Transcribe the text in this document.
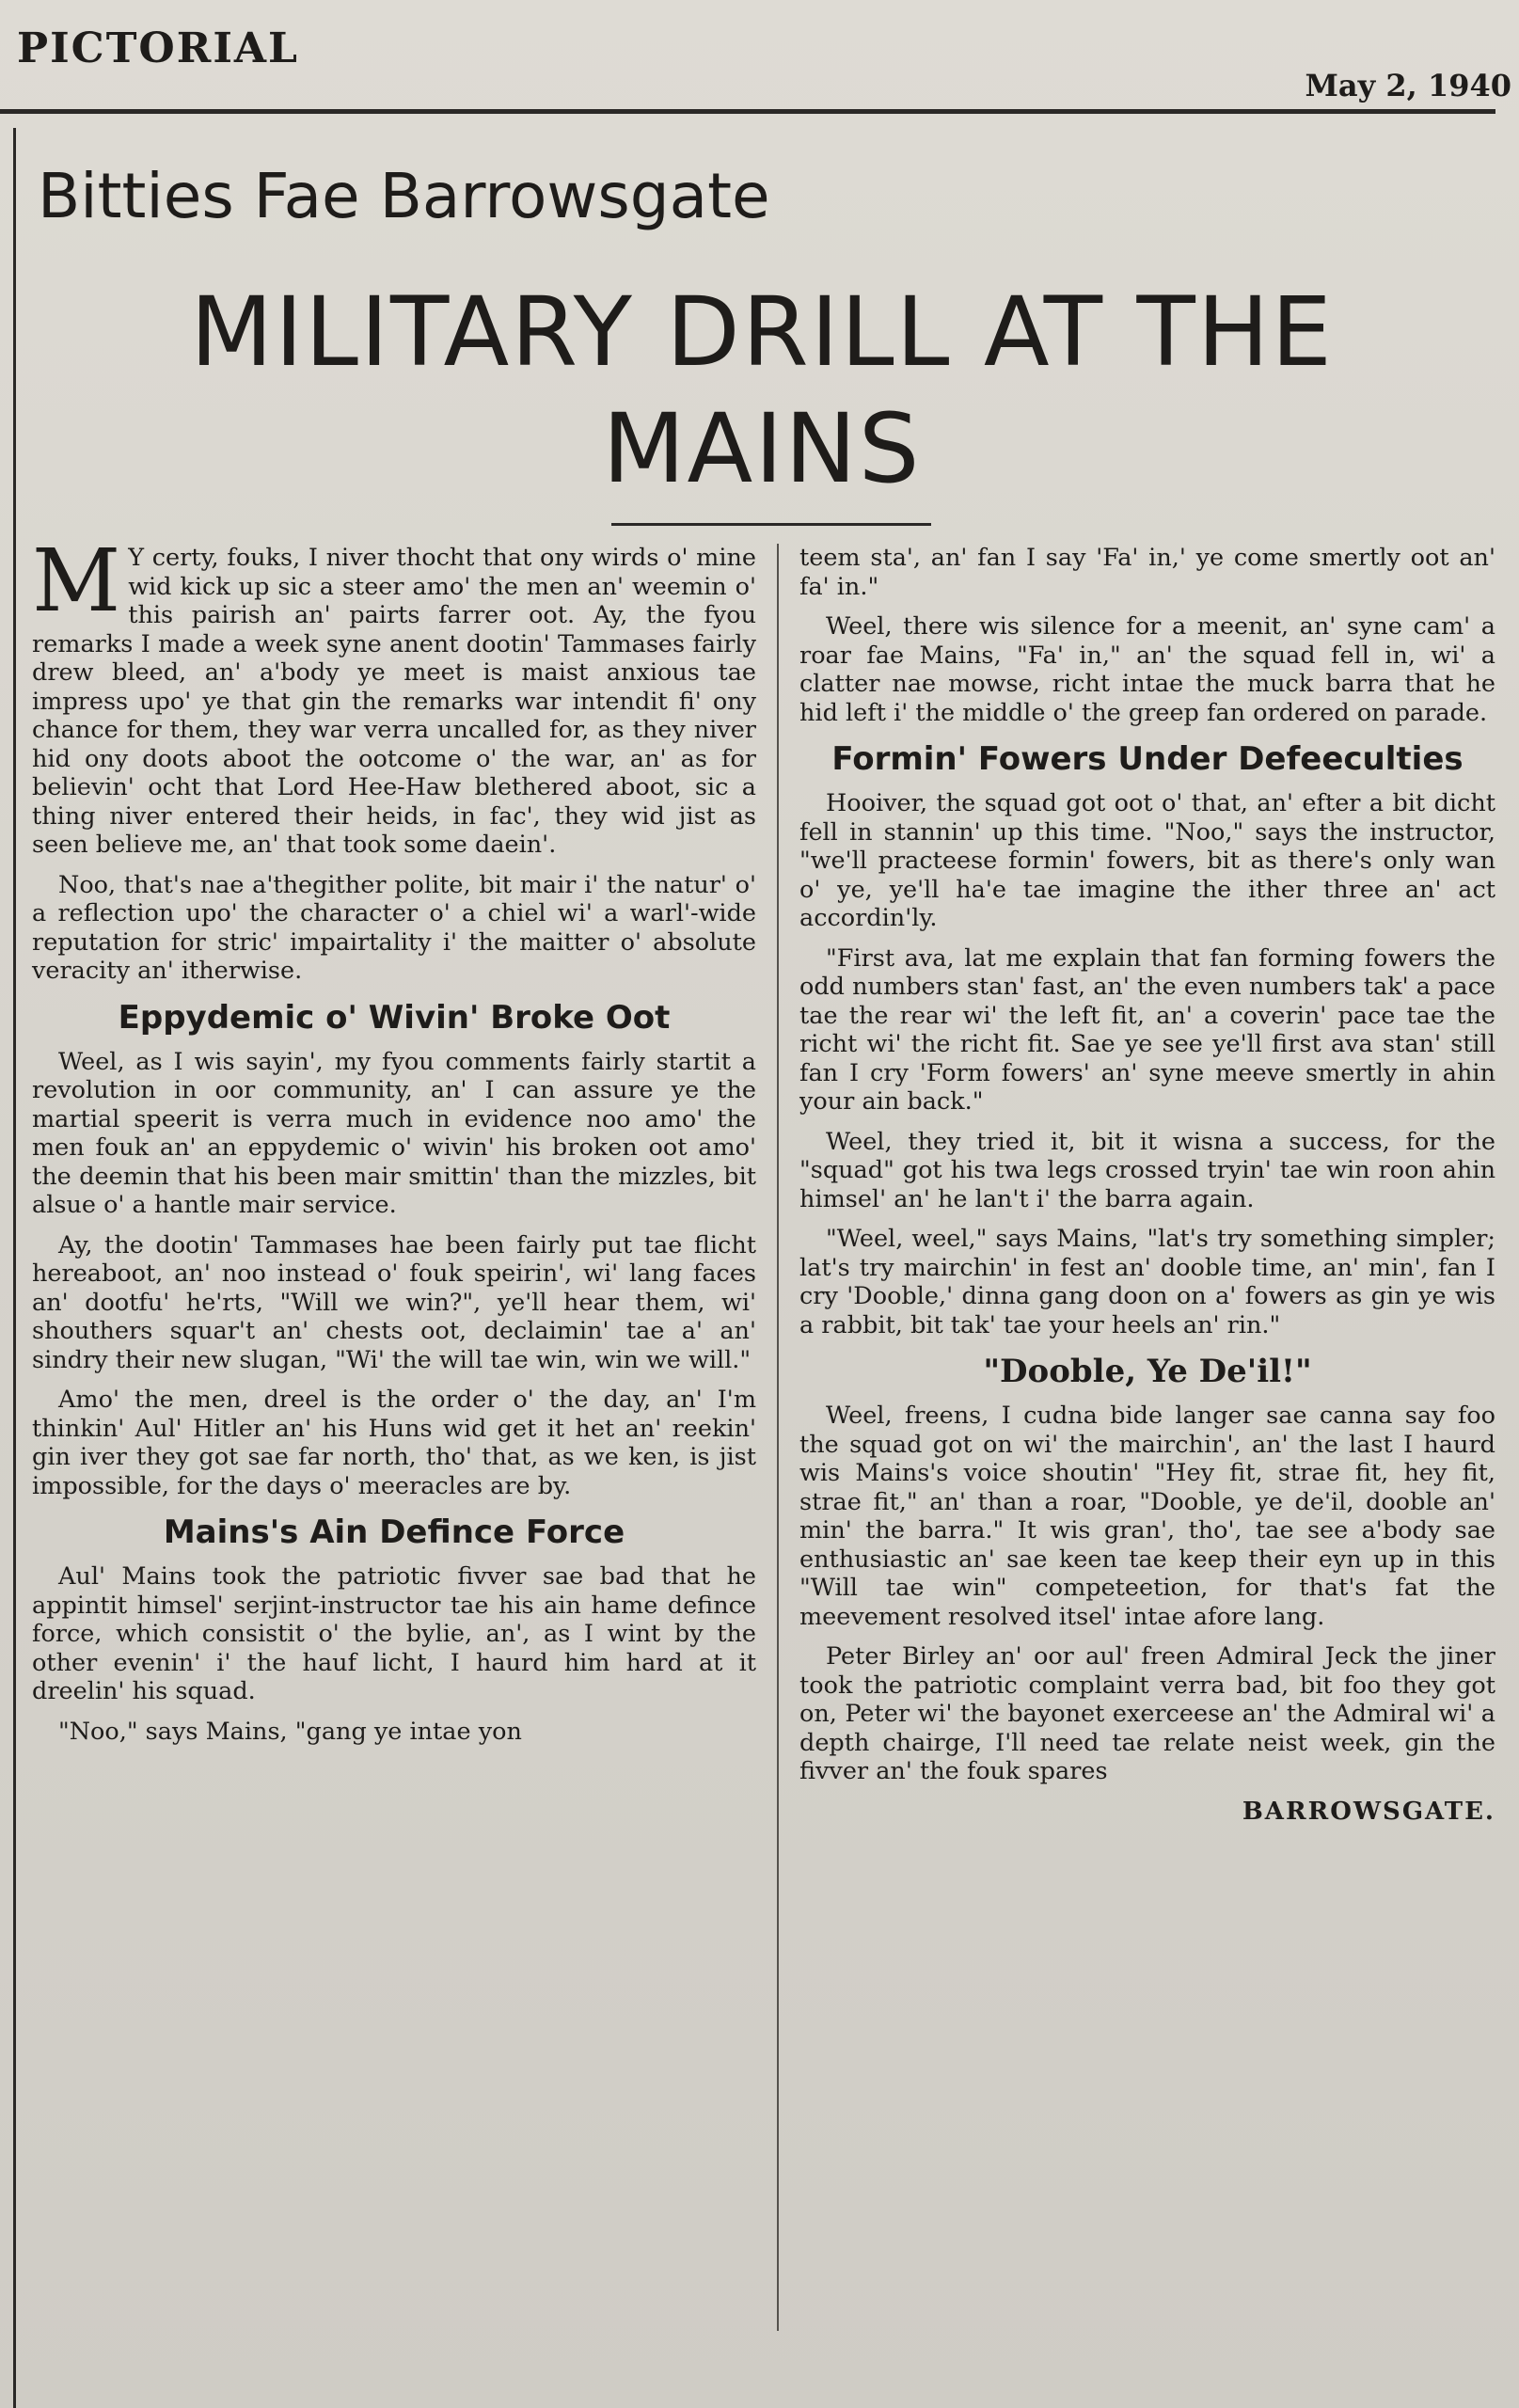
PICTORIAL
May 2, 1940
Bitties Fae Barrowsgate
MILITARY DRILL AT THE MAINS

M Y certy, fouks, I niver thocht that ony wirds o' mine wid kick up sic a steer amo' the men an' weemin o' this pairish an' pairts farrer oot. Ay, the fyou remarks I made a week syne anent dootin' Tammases fairly drew bleed, an' a'body ye meet is maist anxious tae impress upo' ye that gin the remarks war intendit fi' ony chance for them, they war verra uncalled for, as they niver hid ony doots aboot the ootcome o' the war, an' as for believin' ocht that Lord Hee-Haw blethered aboot, sic a thing niver entered their heids, in fac', they wid jist as seen believe me, an' that took some daein'.

Noo, that's nae a'thegither polite, bit mair i' the natur' o' a reflection upo' the character o' a chiel wi' a warl'-wide reputation for stric' impairtality i' the maitter o' absolute veracity an' itherwise.

Eppydemic o' Wivin' Broke Oot

Weel, as I wis sayin', my fyou comments fairly startit a revolution in oor community, an' I can assure ye the martial speerit is verra much in evidence noo amo' the men fouk an' an eppydemic o' wivin' his broken oot amo' the deemin that his been mair smittin' than the mizzles, bit alsue o' a hantle mair service.

Ay, the dootin' Tammases hae been fairly put tae flicht hereaboot, an' noo instead o' fouk speirin', wi' lang faces an' dootfu' he'rts, "Will we win?", ye'll hear them, wi' shouthers squar't an' chests oot, declaimin' tae a' an' sindry their new slugan, "Wi' the will tae win, win we will."

Amo' the men, dreel is the order o' the day, an' I'm thinkin' Aul' Hitler an' his Huns wid get it het an' reekin' gin iver they got sae far north, tho' that, as we ken, is jist impossible, for the days o' meeracles are by.

Mains's Ain Defince Force

Aul' Mains took the patriotic fivver sae bad that he appintit himsel' serjint-instructor tae his ain hame defince force, which consistit o' the bylie, an', as I wint by the other evenin' i' the hauf licht, I haurd him hard at it dreelin' his squad.

"Noo," says Mains, "gang ye intae yon

teem sta', an' fan I say 'Fa' in,' ye come smertly oot an' fa' in."

Weel, there wis silence for a meenit, an' syne cam' a roar fae Mains, "Fa' in," an' the squad fell in, wi' a clatter nae mowse, richt intae the muck barra that he hid left i' the middle o' the greep fan ordered on parade.

Formin' Fowers Under Defeeculties

Hooiver, the squad got oot o' that, an' efter a bit dicht fell in stannin' up this time. "Noo," says the instructor, "we'll practeese formin' fowers, bit as there's only wan o' ye, ye'll ha'e tae imagine the ither three an' act accordin'ly.

"First ava, lat me explain that fan forming fowers the odd numbers stan' fast, an' the even numbers tak' a pace tae the rear wi' the left fit, an' a coverin' pace tae the richt wi' the richt fit. Sae ye see ye'll first ava stan' still fan I cry 'Form fowers' an' syne meeve smertly in ahin your ain back."

Weel, they tried it, bit it wisna a success, for the "squad" got his twa legs crossed tryin' tae win roon ahin himsel' an' he lan't i' the barra again.

"Weel, weel," says Mains, "lat's try something simpler; lat's try mairchin' in fest an' dooble time, an' min', fan I cry 'Dooble,' dinna gang doon on a' fowers as gin ye wis a rabbit, bit tak' tae your heels an' rin."

"Dooble, Ye De'il!"

Weel, freens, I cudna bide langer sae canna say foo the squad got on wi' the mairchin', an' the last I haurd wis Mains's voice shoutin' "Hey fit, strae fit, hey fit, strae fit," an' than a roar, "Dooble, ye de'il, dooble an' min' the barra." It wis gran', tho', tae see a'body sae enthusiastic an' sae keen tae keep their eyn up in this "Will tae win" competeetion, for that's fat the meevement resolved itsel' intae afore lang.

Peter Birley an' oor aul' freen Admiral Jeck the jiner took the patriotic complaint verra bad, bit foo they got on, Peter wi' the bayonet exerceese an' the Admiral wi' a depth chairge, I'll need tae relate neist week, gin the fivver an' the fouk spares

BARROWSGATE.
